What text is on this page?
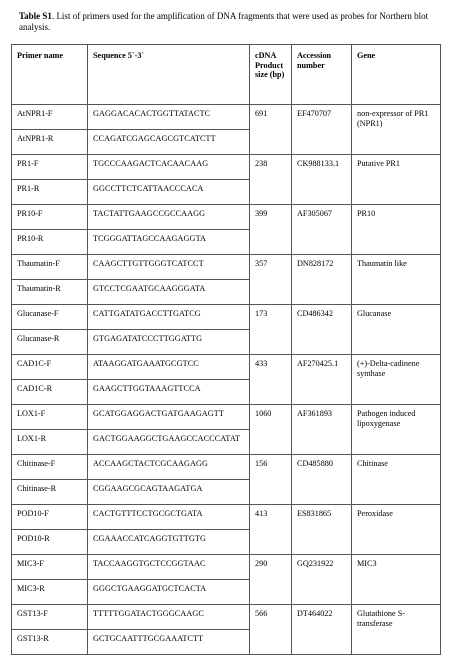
Table S1. List of primers used for the amplification of DNA fragments that were used as probes for Northern blot analysis.
Primer name	Sequence 5`-3`	cDNA Product size (bp)	Accession number	Gene
AtNPR1-F	GAGGACACACTGGTTATACTC	691	EF470707	non-expressor of PR1 (NPR1)
AtNPR1-R	CCAGATCGAGCAGCGTCATCTT			
PR1-F	TGCCCAAGACTCACAACAAG	238	CK988133.1	Putative PR1
PR1-R	GGCCTTCTCATTAACCCACA			
PR10-F	TACTATTGAAGCCGCCAAGG	399	AF305067	PR10
PR10-R	TCGGGATTAGCCAAGAGGTA			
Thaumatin-F	CAAGCTTGTTGGGTCATCCT	357	DN828172	Thaumatin like
Thaumatin-R	GTCCTCGAATGCAAGGGATA			
Glucanase-F	CATTGATATGACCTTGATCG	173	CD486342	Glucanase
Glucanase-R	GTGAGATATCCCTTGGATTG			
CAD1C-F	ATAAGGATGAAATGCGTCC	433	AF270425.1	(+)-Delta-cadinene synthase
CAD1C-R	GAAGCTTGGTAAAGTTCCA			
LOX1-F	GCATGGAGGACTGATGAAGAGTT	1060	AF361893	Pathogen induced lipoxygenase
LOX1-R	GACTGGAAGGCTGAAGCCACCCATAT			
Chitinase-F	ACCAAGCTACTCGCAAGAGG	156	CD485880	Chitinase
Chitinase-R	CGGAAGCGCAGTAAGATGA			
POD10-F	CACTGTTTCCTGCGCTGATA	413	ES831865	Peroxidase
POD10-R	CGAAACCATCAGGTGTTGTG			
MIC3-F	TACCAAGGTGCTCCGGTAAC	290	GQ231922	MIC3
MIC3-R	GGGCTGAAGGATGCTCACTA			
GST13-F	TTTTTGGATACTGGGCAAGC	566	DT464022	Glutathione S-transferase
GST13-R	GCTGCAATTTGCGAAATCTT			
